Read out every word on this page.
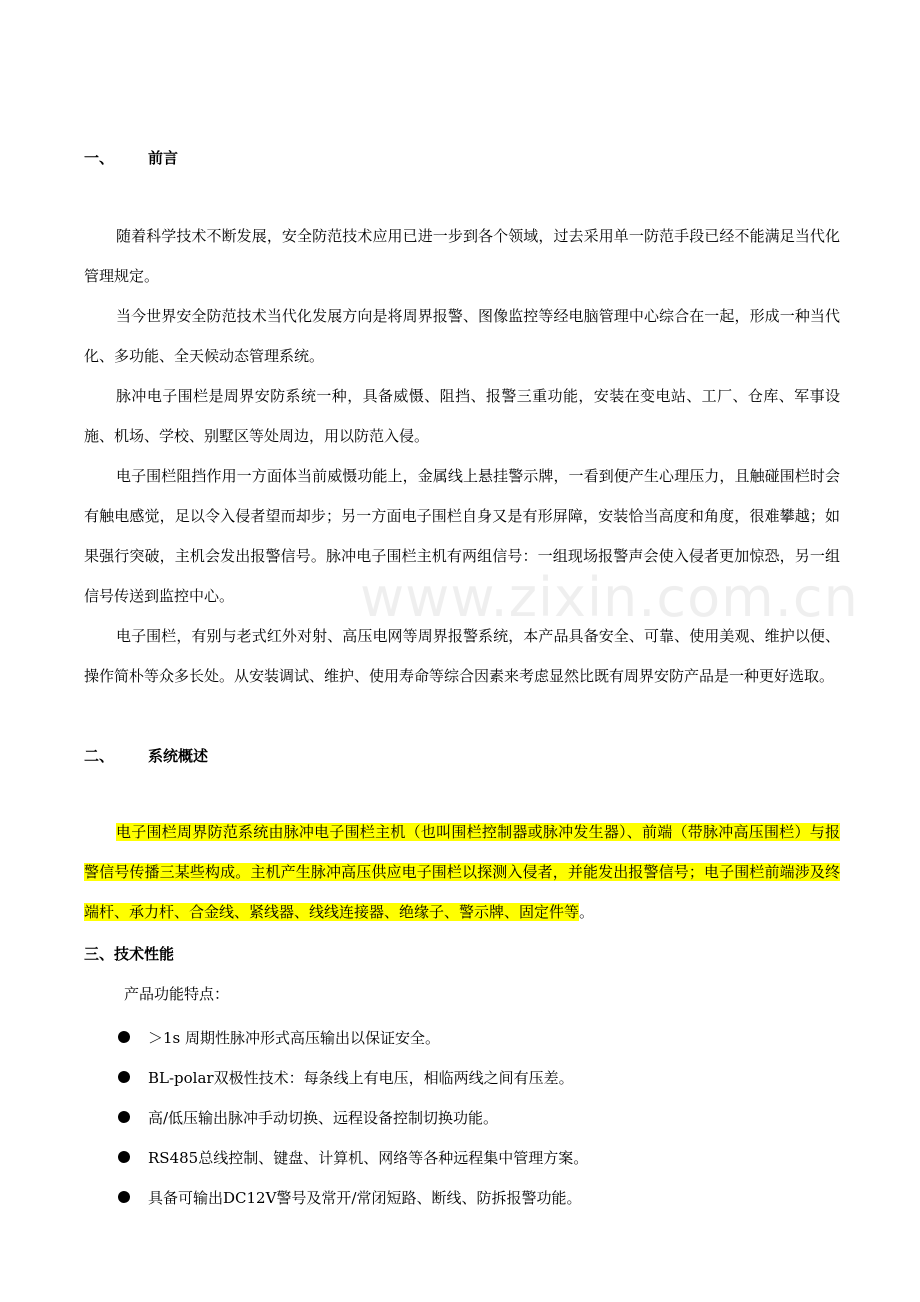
www.zixin.com.cn
一、 前言

随着科学技术不断发展，安全防范技术应用已进一步到各个领域，过去采用单一防范手段已经不能满足当代化管理规定。

当今世界安全防范技术当代化发展方向是将周界报警、图像监控等经电脑管理中心综合在一起，形成一种当代化、多功能、全天候动态管理系统。

脉冲电子围栏是周界安防系统一种，具备威慑、阻挡、报警三重功能，安装在变电站、工厂、仓库、军事设施、机场、学校、别墅区等处周边，用以防范入侵。

电子围栏阻挡作用一方面体当前威慑功能上，金属线上悬挂警示牌，一看到便产生心理压力，且触碰围栏时会有触电感觉，足以令入侵者望而却步；另一方面电子围栏自身又是有形屏障，安装恰当高度和角度，很难攀越；如果强行突破，主机会发出报警信号。脉冲电子围栏主机有两组信号：一组现场报警声会使入侵者更加惊恐，另一组信号传送到监控中心。

电子围栏，有别与老式红外对射、高压电网等周界报警系统，本产品具备安全、可靠、使用美观、维护以便、操作简朴等众多长处。从安装调试、维护、使用寿命等综合因素来考虑显然比既有周界安防产品是一种更好选取。

二、 系统概述

电子围栏周界防范系统由脉冲电子围栏主机（也叫围栏控制器或脉冲发生器）、前端（带脉冲高压围栏）与报警信号传播三某些构成。主机产生脉冲高压供应电子围栏以探测入侵者，并能发出报警信号；电子围栏前端涉及终端杆、承力杆、合金线、紧线器、线线连接器、绝缘子、警示牌、固定件等。

三、技术性能
产品功能特点：
＞1s 周期性脉冲形式高压输出以保证安全。
BL-polar双极性技术：每条线上有电压，相临两线之间有压差。
高/低压输出脉冲手动切换、远程设备控制切换功能。
RS485总线控制、键盘、计算机、网络等各种远程集中管理方案。
具备可输出DC12V警号及常开/常闭短路、断线、防拆报警功能。
